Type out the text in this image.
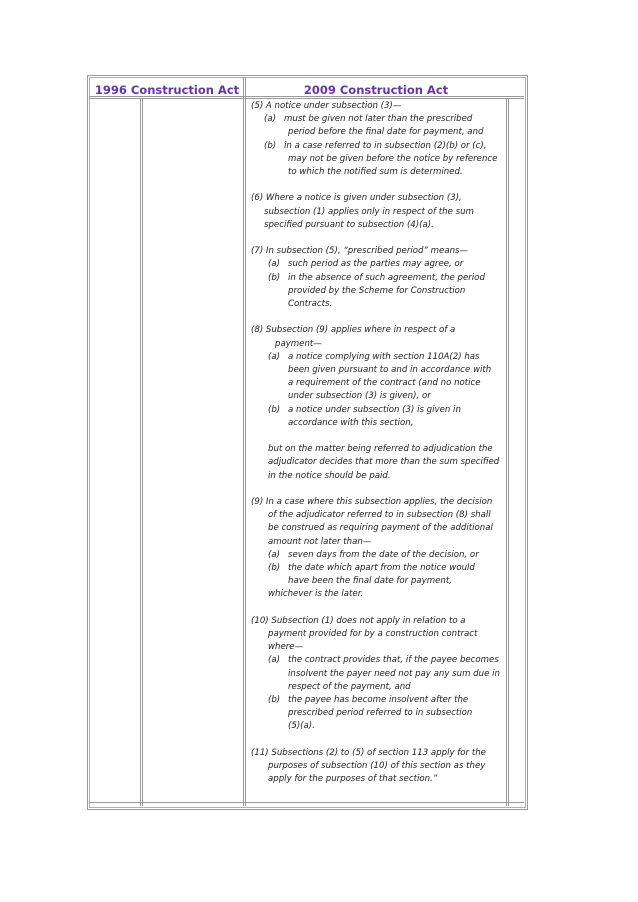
1996 Construction Act	2009 Construction Act
(5) A notice under subsection (3)—
(a) must be given not later than the prescribed
period before the final date for payment, and
(b) in a case referred to in subsection (2)(b) or (c),
may not be given before the notice by reference
to which the notified sum is determined.
(6) Where a notice is given under subsection (3),
subsection (1) applies only in respect of the sum
specified pursuant to subsection (4)(a).
(7) In subsection (5), “prescribed period” means—
(a) such period as the parties may agree, or
(b) in the absence of such agreement, the period
provided by the Scheme for Construction
Contracts.
(8) Subsection (9) applies where in respect of a
payment—
(a) a notice complying with section 110A(2) has
been given pursuant to and in accordance with
a requirement of the contract (and no notice
under subsection (3) is given), or
(b) a notice under subsection (3) is given in
accordance with this section,
but on the matter being referred to adjudication the
adjudicator decides that more than the sum specified
in the notice should be paid.
(9) In a case where this subsection applies, the decision
of the adjudicator referred to in subsection (8) shall
be construed as requiring payment of the additional
amount not later than—
(a) seven days from the date of the decision, or
(b) the date which apart from the notice would
have been the final date for payment,
whichever is the later.
(10) Subsection (1) does not apply in relation to a
payment provided for by a construction contract
where—
(a) the contract provides that, if the payee becomes
insolvent the payer need not pay any sum due in
respect of the payment, and
(b) the payee has become insolvent after the
prescribed period referred to in subsection
(5)(a).
(11) Subsections (2) to (5) of section 113 apply for the
purposes of subsection (10) of this section as they
apply for the purposes of that section.”
